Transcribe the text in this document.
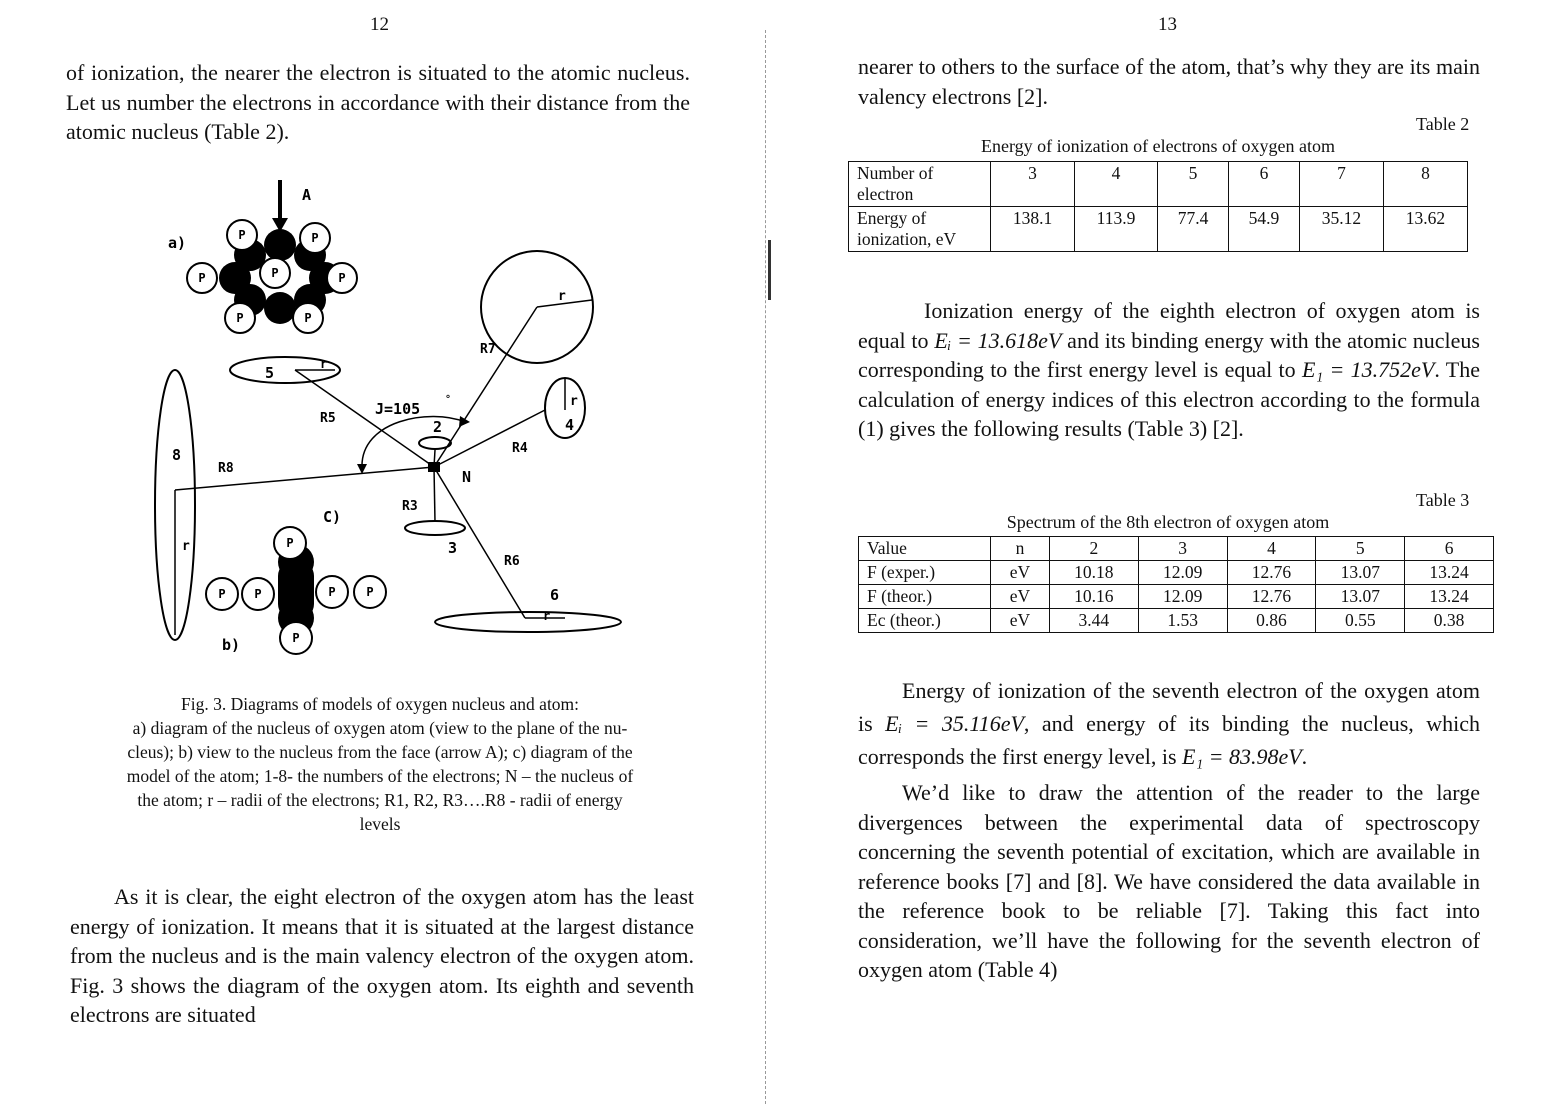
12

of ionization, the nearer the electron is situated to the atomic nucleus. Let us number the electrons in accordance with their distance from the atomic nucleus (Table 2).

A
a)	P	P
P	P	P
P	P
8
r
5	r
r
r
4
2
3
6
r
N
J=105
°
R8
R5
R7
R4
R3
R6
C)
b)
P
P P	P	P
P
Fig. 3. Diagrams of models of oxygen nucleus and atom:
a) diagram of the nucleus of oxygen atom (view to the plane of the nu-
cleus); b) view to the nucleus from the face (arrow A); c) diagram of the
model of the atom; 1-8- the numbers of the electrons; N – the nucleus of
the atom; r – radii of the electrons; R1, R2, R3….R8 - radii of energy
levels

As it is clear, the eight electron of the oxygen atom has the least energy of ionization. It means that it is situated at the largest distance from the nucleus and is the main valency electron of the oxygen atom. Fig. 3 shows the diagram of the oxygen atom. Its eighth and seventh electrons are situated

13

nearer to others to the surface of the atom, that’s why they are its main valency electrons [2].

Table 2
Energy of ionization of electrons of oxygen atom
Number of electron	3	4	5	6	7	8
Energy of ionization, eV	138.1	113.9	77.4	54.9	35.12	13.62

Ionization energy of the eighth electron of oxygen atom is equal to Eᵢ = 13.618eV and its binding energy with the atomic nucleus corresponding to the first energy level is equal to E₁ = 13.752eV. The calculation of energy indices of this electron according to the formula (1) gives the following results (Table 3) [2].

Table 3
Spectrum of the 8th electron of oxygen atom
Value	n	2	3	4	5	6
F (exper.)	eV	10.18	12.09	12.76	13.07	13.24
F (theor.)	eV	10.16	12.09	12.76	13.07	13.24
Ec (theor.)	eV	3.44	1.53	0.86	0.55	0.38

Energy of ionization of the seventh electron of the oxygen atom is Eᵢ = 35.116eV, and energy of its binding the nucleus, which corresponds the first energy level, is E₁ = 83.98eV.

We’d like to draw the attention of the reader to the large divergences between the experimental data of spectroscopy concerning the seventh potential of excitation, which are available in reference books [7] and [8]. We have considered the data available in the reference book to be reliable [7]. Taking this fact into consideration, we’ll have the following for the seventh electron of oxygen atom (Table 4)
